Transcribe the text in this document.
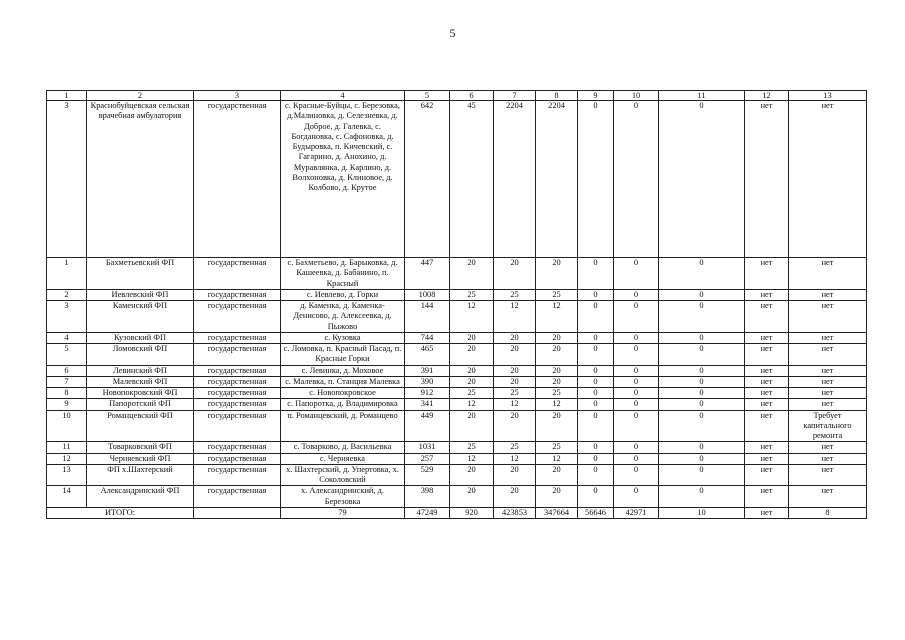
5
1	2	3	4	5	6	7	8	9	10	11	12	13
3	Краснобуйцевская сельская врачебная амбулатория	государственная	с. Красные-Буйцы, с. Березовка, д.Малиновка, д. Селезневка, д. Доброе, д. Галевка, с. Богдановка, с. Сафоновка, д. Будыровка, п. Кичевский, с. Гагарино, д. Анохино, д. Муравлянка, д. Карлино, д. Волхоновка, д. Клиновое, д. Колбово, д. Крутое	642	45	2204	2204	0	0	0	нет	нет
1	Бахметьевский ФП	государственная	с. Бахметьево, д. Барыковка, д. Кашеевка, д. Бабанино, п. Красный	447	20	20	20	0	0	0	нет	нет
2	Иевлевский ФП	государственная	с. Иевлево, д. Горки	1008	25	25	25	0	0	0	нет	нет
3	Каменский ФП	государственная	д. Каменка, д. Каменка-Денисово, д. Алексеевка, д. Пыжово	144	12	12	12	0	0	0	нет	нет
4	Кузовский ФП	государственная	с. Кузовка	744	20	20	20	0	0	0	нет	нет
5	Ломовский ФП	государственная	с. Ломовка, п. Красный Пасад, п. Красные Горки	465	20	20	20	0	0	0	нет	нет
6	Левинский ФП	государственная	с. Левинка, д. Моховое	391	20	20	20	0	0	0	нет	нет
7	Малевский ФП	государственная	с. Малевка, п. Станция Малевка	390	20	20	20	0	0	0	нет	нет
8	Новопокровский ФП	государственная	с. Новопокровское	912	25	25	25	0	0	0	нет	нет
9	Папоротский ФП	государственная	с. Папоротка, д. Владимировка	341	12	12	12	0	0	0	нет	нет
10	Романцевский ФП	государственная	п. Романцевский, д. Романцево	449	20	20	20	0	0	0	нет	Требует капитального ремонта
11	Товарковский ФП	государственная	с. Товарково, д. Васильевка	1031	25	25	25	0	0	0	нет	нет
12	Черняевский ФП	государственная	с. Черняевка	257	12	12	12	0	0	0	нет	нет
13	ФП х.Шахтерский	государственная	х. Шахтерский, д. Упертовка, х. Соколовский	529	20	20	20	0	0	0	нет	нет
14	Александринский ФП	государственная	х. Александринский, д. Березовка	398	20	20	20	0	0	0	нет	нет
ИТОГО:			79	47249	920	423853	347664	56646	42971	10	нет	8
